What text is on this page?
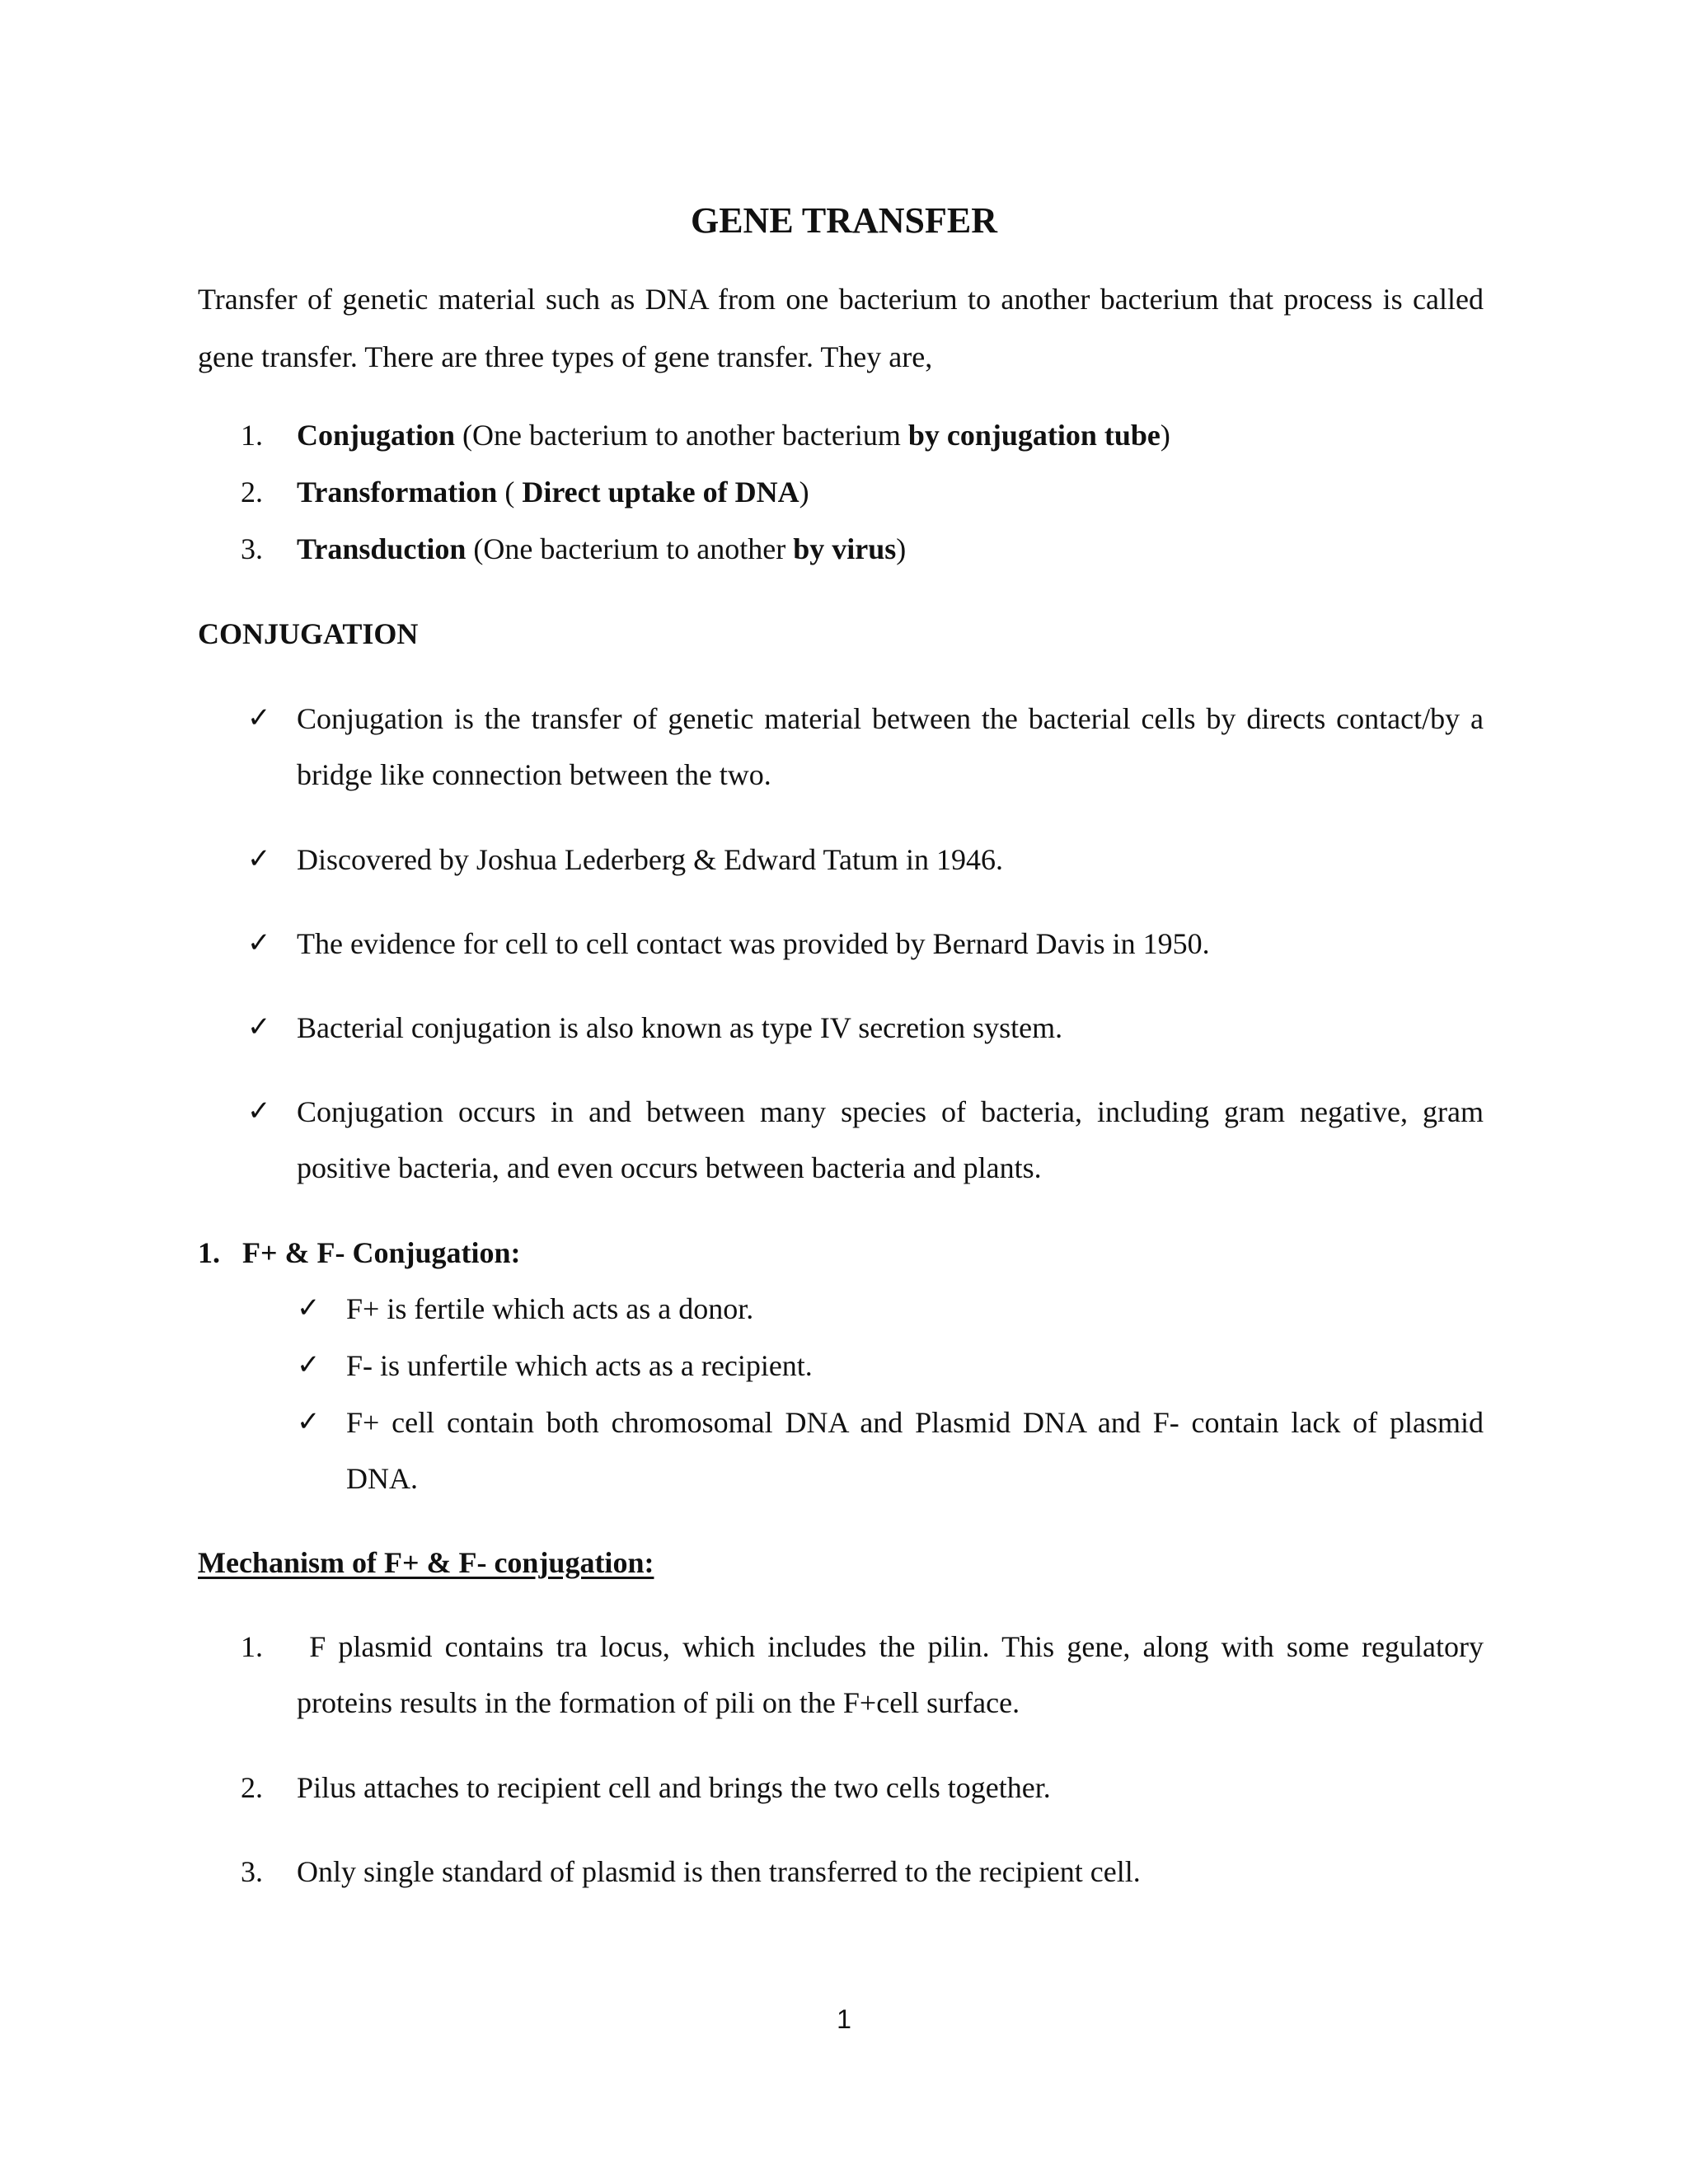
GENE TRANSFER

Transfer of genetic material such as DNA from one bacterium to another bacterium that process is called gene transfer. There are three types of gene transfer. They are,

1.	Conjugation (One bacterium to another bacterium by conjugation tube)
2.	Transformation ( Direct uptake of DNA)
3.	Transduction (One bacterium to another by virus)
CONJUGATION
✓ Conjugation is the transfer of genetic material between the bacterial cells by directs contact/by a bridge like connection between the two.
✓ Discovered by Joshua Lederberg & Edward Tatum in 1946.
✓ The evidence for cell to cell contact was provided by Bernard Davis in 1950.
✓ Bacterial conjugation is also known as type IV secretion system.
✓ Conjugation occurs in and between many species of bacteria, including gram negative, gram positive bacteria, and even occurs between bacteria and plants.
1.   F+ & F- Conjugation:
✓ F+ is fertile which acts as a donor.
✓ F- is unfertile which acts as a recipient.
✓ F+ cell contain both chromosomal DNA and Plasmid DNA and F- contain lack of plasmid DNA.
Mechanism of F+ & F- conjugation:
1.	F plasmid contains tra locus, which includes the pilin. This gene, along with some regulatory proteins results in the formation of pili on the F+cell surface.
2.	Pilus attaches to recipient cell and brings the two cells together.
3.	Only single standard of plasmid is then transferred to the recipient cell.
1
